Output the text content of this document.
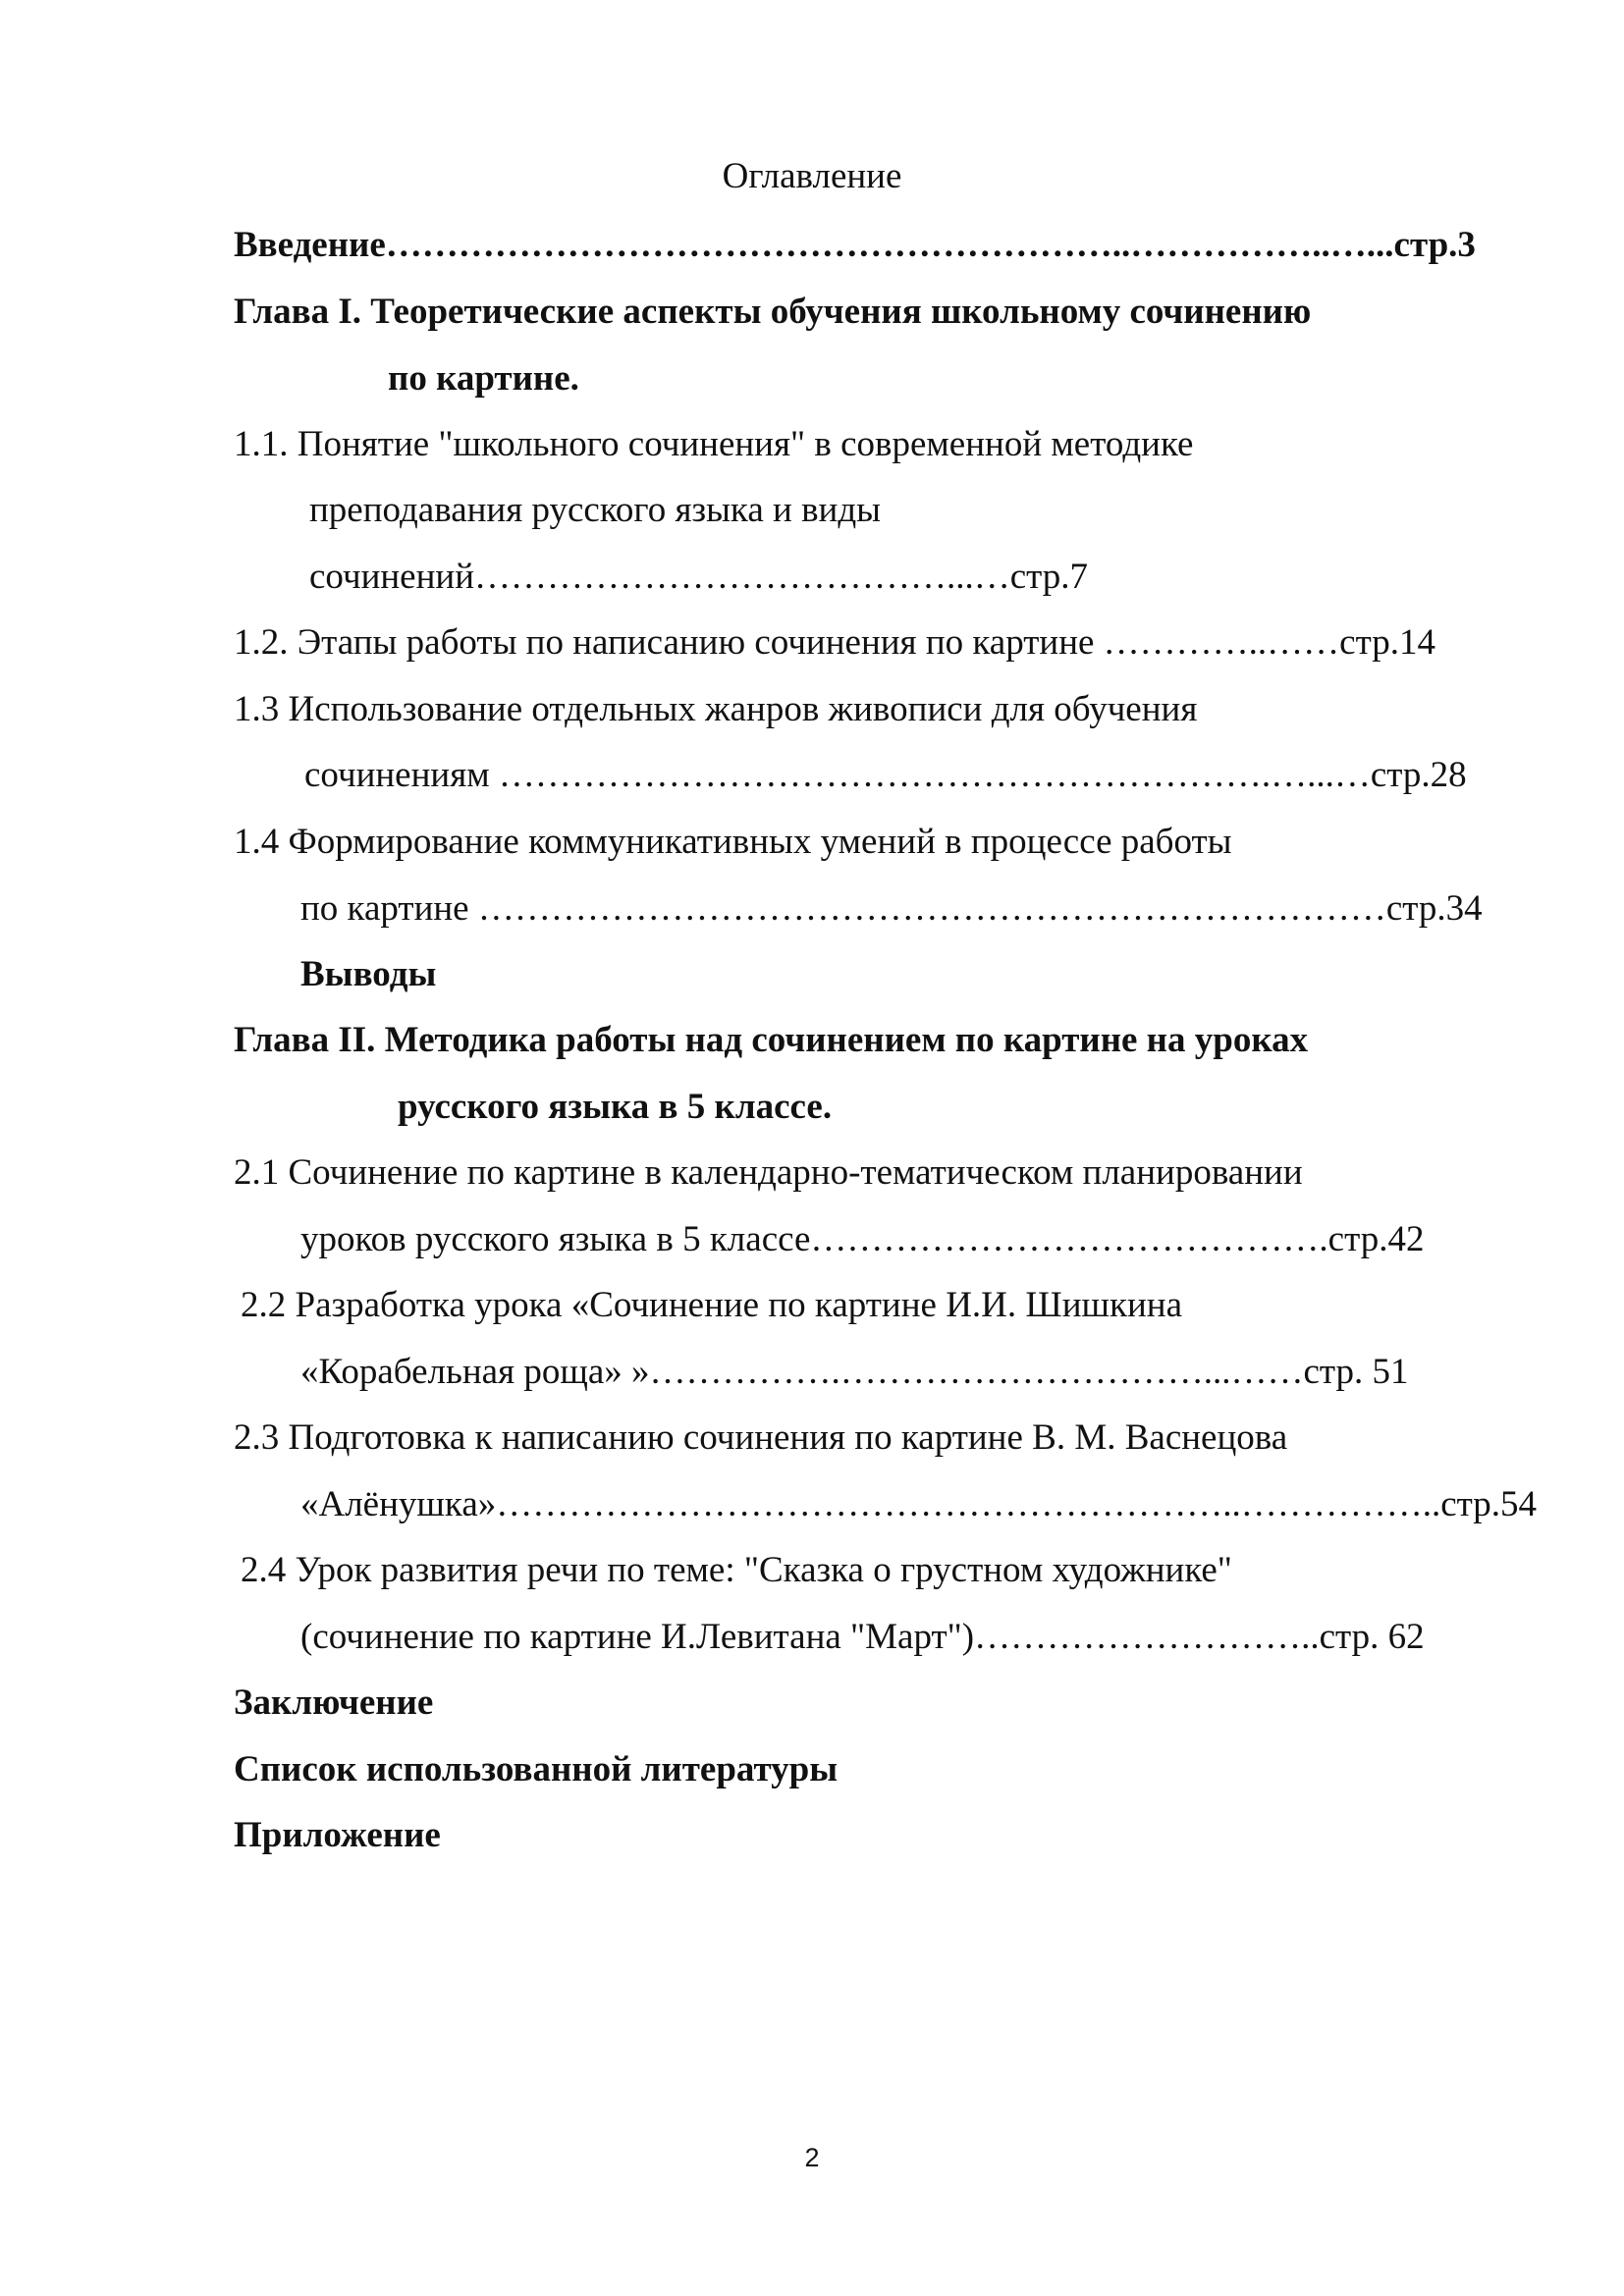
Оглавление
Введение……………………………………………………..……………..…...стр.3
Глава I. Теоретические аспекты обучения школьному сочинению
по картине.
1.1. Понятие "школьного сочинения" в современной методике
преподавания русского языка и виды
сочинений…………………………………...…стр.7
1.2. Этапы работы по написанию сочинения по картине …………..……стр.14
1.3 Использование отдельных жанров живописи для обучения
сочинениям ……………………………………………………….…...…стр.28
1.4 Формирование коммуникативных умений в процессе работы
по картине …………………………………………………………………стр.34
Выводы
Глава II. Методика работы над сочинением по картине на уроках
русского языка в 5 классе.
2.1 Сочинение по картине в календарно-тематическом планировании
уроков русского языка в 5 классе…………………………………….стр.42
2.2 Разработка урока «Сочинение по картине И.И. Шишкина
«Корабельная роща» »…………….…………………………...……стр. 51
2.3 Подготовка к написанию сочинения по картине В. М. Васнецова
«Алёнушка»……………………………………………………..……………..стр.54
2.4 Урок развития речи по теме: "Сказка о грустном художнике"
(сочинение по картине И.Левитана "Март")………………………..стр. 62
Заключение
Список использованной литературы
Приложение
2
